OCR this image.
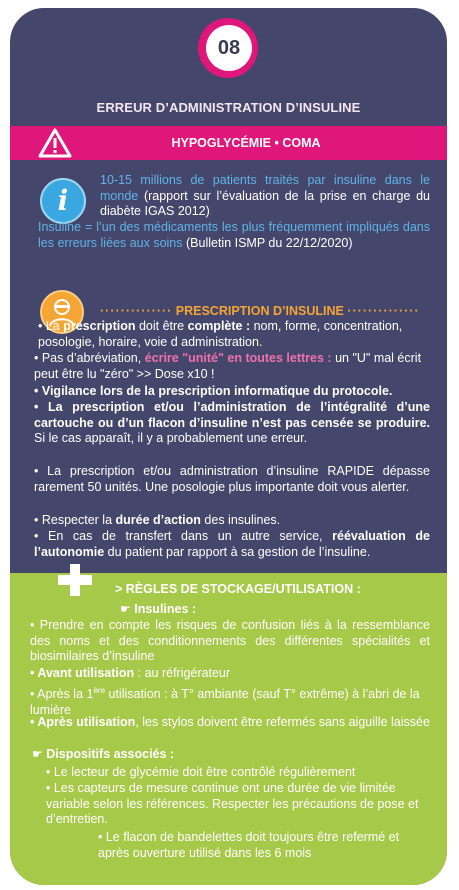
08
ERREUR D’ADMINISTRATION D’INSULINE
HYPOGLYCÉMIE • COMA
i

10-15 millions de patients traités par insuline dans le monde (rapport sur l’évaluation de la prise en charge du diabète IGAS 2012)

Insuline = l’un des médicaments les plus fréquemment impliqués dans les erreurs liées aux soins (Bulletin ISMP du 22/12/2020)

·············· PRESCRIPTION D’INSULINE ··············

• La prescription doit être complète : nom, forme, concentration, posologie, horaire, voie d administration.

• Pas d’abréviation, écrire "unité" en toutes lettres : un "U" mal écrit peut être lu "zéro" >> Dose x10 !

• Vigilance lors de la prescription informatique du protocole.

• La prescription et/ou l’administration de l’intégralité d’une cartouche ou d’un flacon d’insuline n’est pas censée se produire. Si le cas apparaît, il y a probablement une erreur.

• La prescription et/ou administration d’insuline RAPIDE dépasse rarement 50 unités. Une posologie plus importante doit vous alerter.

• Respecter la durée d’action des insulines.

• En cas de transfert dans un autre service, réévaluation de l’autonomie du patient par rapport à sa gestion de l’insuline.

> RÈGLES DE STOCKAGE/UTILISATION :

☛ Insulines :

• Prendre en compte les risques de confusion liés à la ressemblance des noms et des conditionnements des différentes spécialités et biosimilaires d’insuline

• Avant utilisation : au réfrigérateur

• Après la 1ère utilisation : à T° ambiante (sauf T° extrême) à l’abri de la lumière

• Après utilisation, les stylos doivent être refermés sans aiguille laissée

☛ Dispositifs associés :

• Le lecteur de glycémie doit être contrôlé régulièrement

• Les capteurs de mesure continue ont une durée de vie limitée variable selon les références. Respecter les précautions de pose et d’entretien.

• Le flacon de bandelettes doit toujours être refermé et après ouverture utilisé dans les 6 mois
